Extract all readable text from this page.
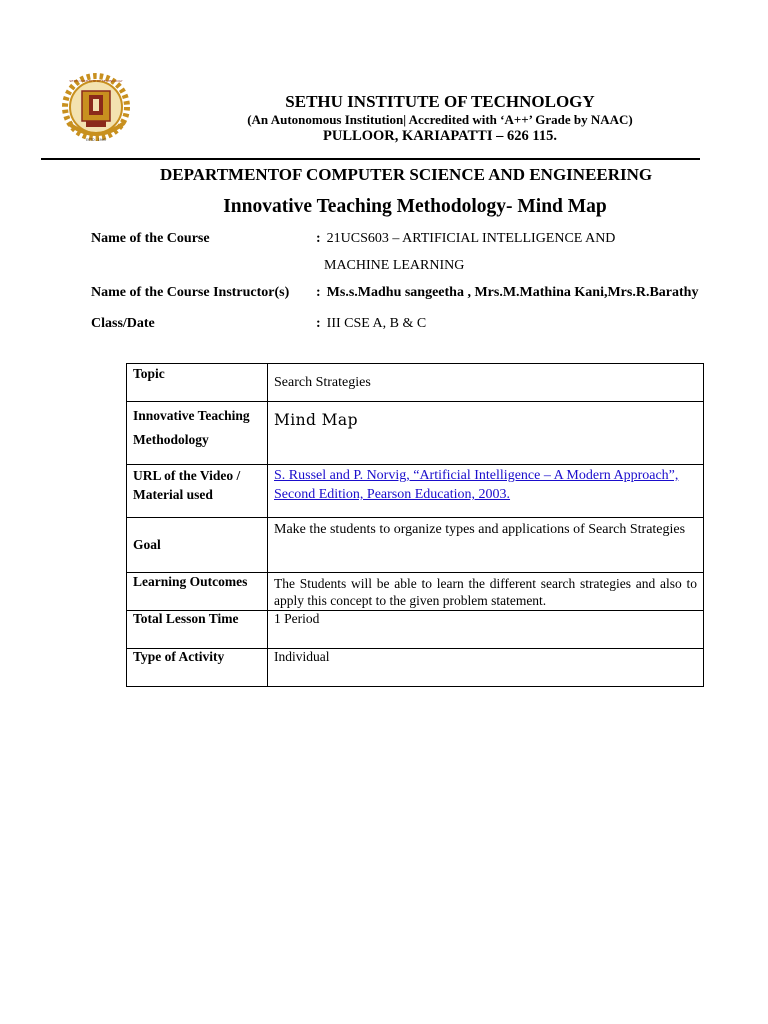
ESTD - 1995
SETHU INSTITUTE OF TECHNOLOGY
SETHU INSTITUTE OF TECHNOLOGY
(An Autonomous Institution| Accredited with ‘A++’ Grade by NAAC)
PULLOOR, KARIAPATTI – 626 115.
DEPARTMENTOF COMPUTER SCIENCE AND ENGINEERING
Innovative Teaching Methodology- Mind Map
Name of the Course	: 21UCS603 – ARTIFICIAL INTELLIGENCE AND
MACHINE LEARNING
Name of the Course Instructor(s) : Ms.s.Madhu sangeetha , Mrs.M.Mathina Kani,Mrs.R.Barathy
Class/Date	: III CSE A, B & C
Topic	Search Strategies

Innovative Teaching
Methodology	Mind Map

URL of the Video /
Material used	S. Russel and P. Norvig, “Artificial Intelligence – A Modern Approach”, Second Edition, Pearson Education, 2003.
Goal	Make the students to organize types and applications of Search Strategies
Learning Outcomes	The Students will be able to learn the different search strategies and also to apply this concept to the given problem statement.
Total Lesson Time	1 Period
Type of Activity	Individual
